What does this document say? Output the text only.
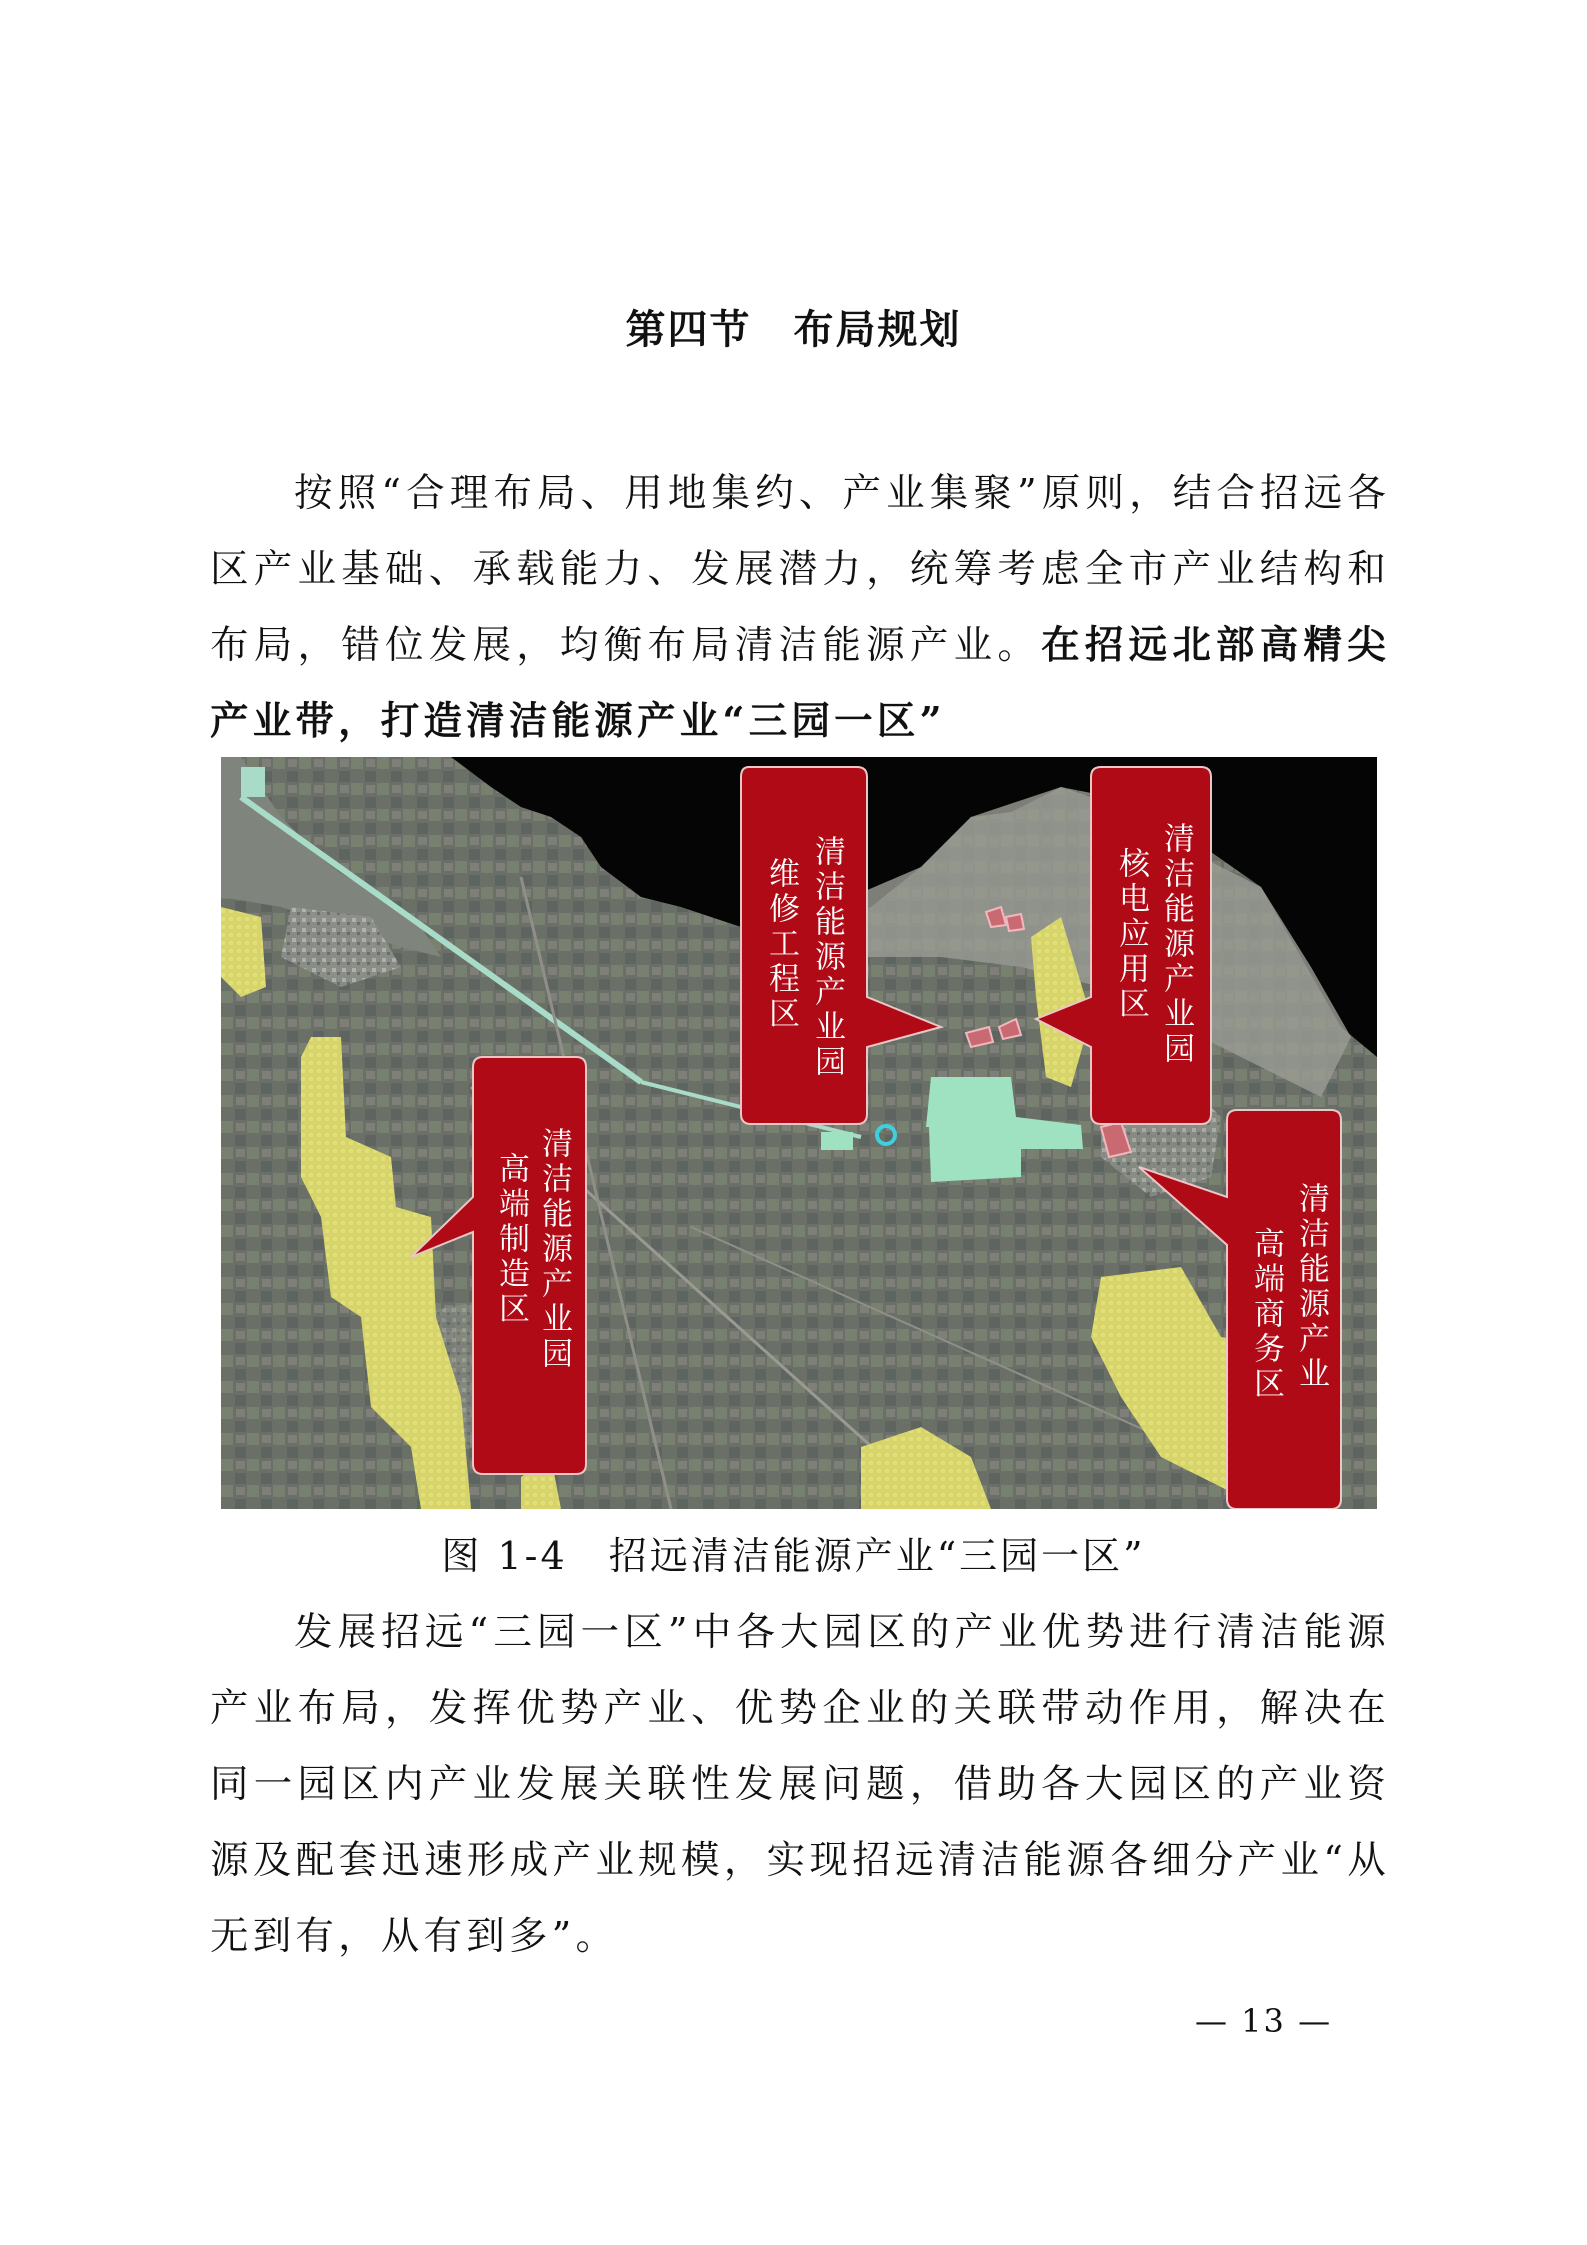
第四节　布局规划

按照“合理布局、用地集约、产业集聚”原则，结合招远各区产业基础、承载能力、发展潜力，统筹考虑全市产业结构和布局，错位发展，均衡布局清洁能源产业。在招远北部高精尖产业带，打造清洁能源产业“三园一区”

清洁能源产业园
维修工程区	清洁能源产业园
核电应用区
清洁能源产业园
高端制造区	清洁能源产业
高端商务区
图 1-4　招远清洁能源产业“三园一区”

发展招远“三园一区”中各大园区的产业优势进行清洁能源产业布局，发挥优势产业、优势企业的关联带动作用，解决在同一园区内产业发展关联性发展问题，借助各大园区的产业资源及配套迅速形成产业规模，实现招远清洁能源各细分产业“从无到有，从有到多”。

— 13 —
